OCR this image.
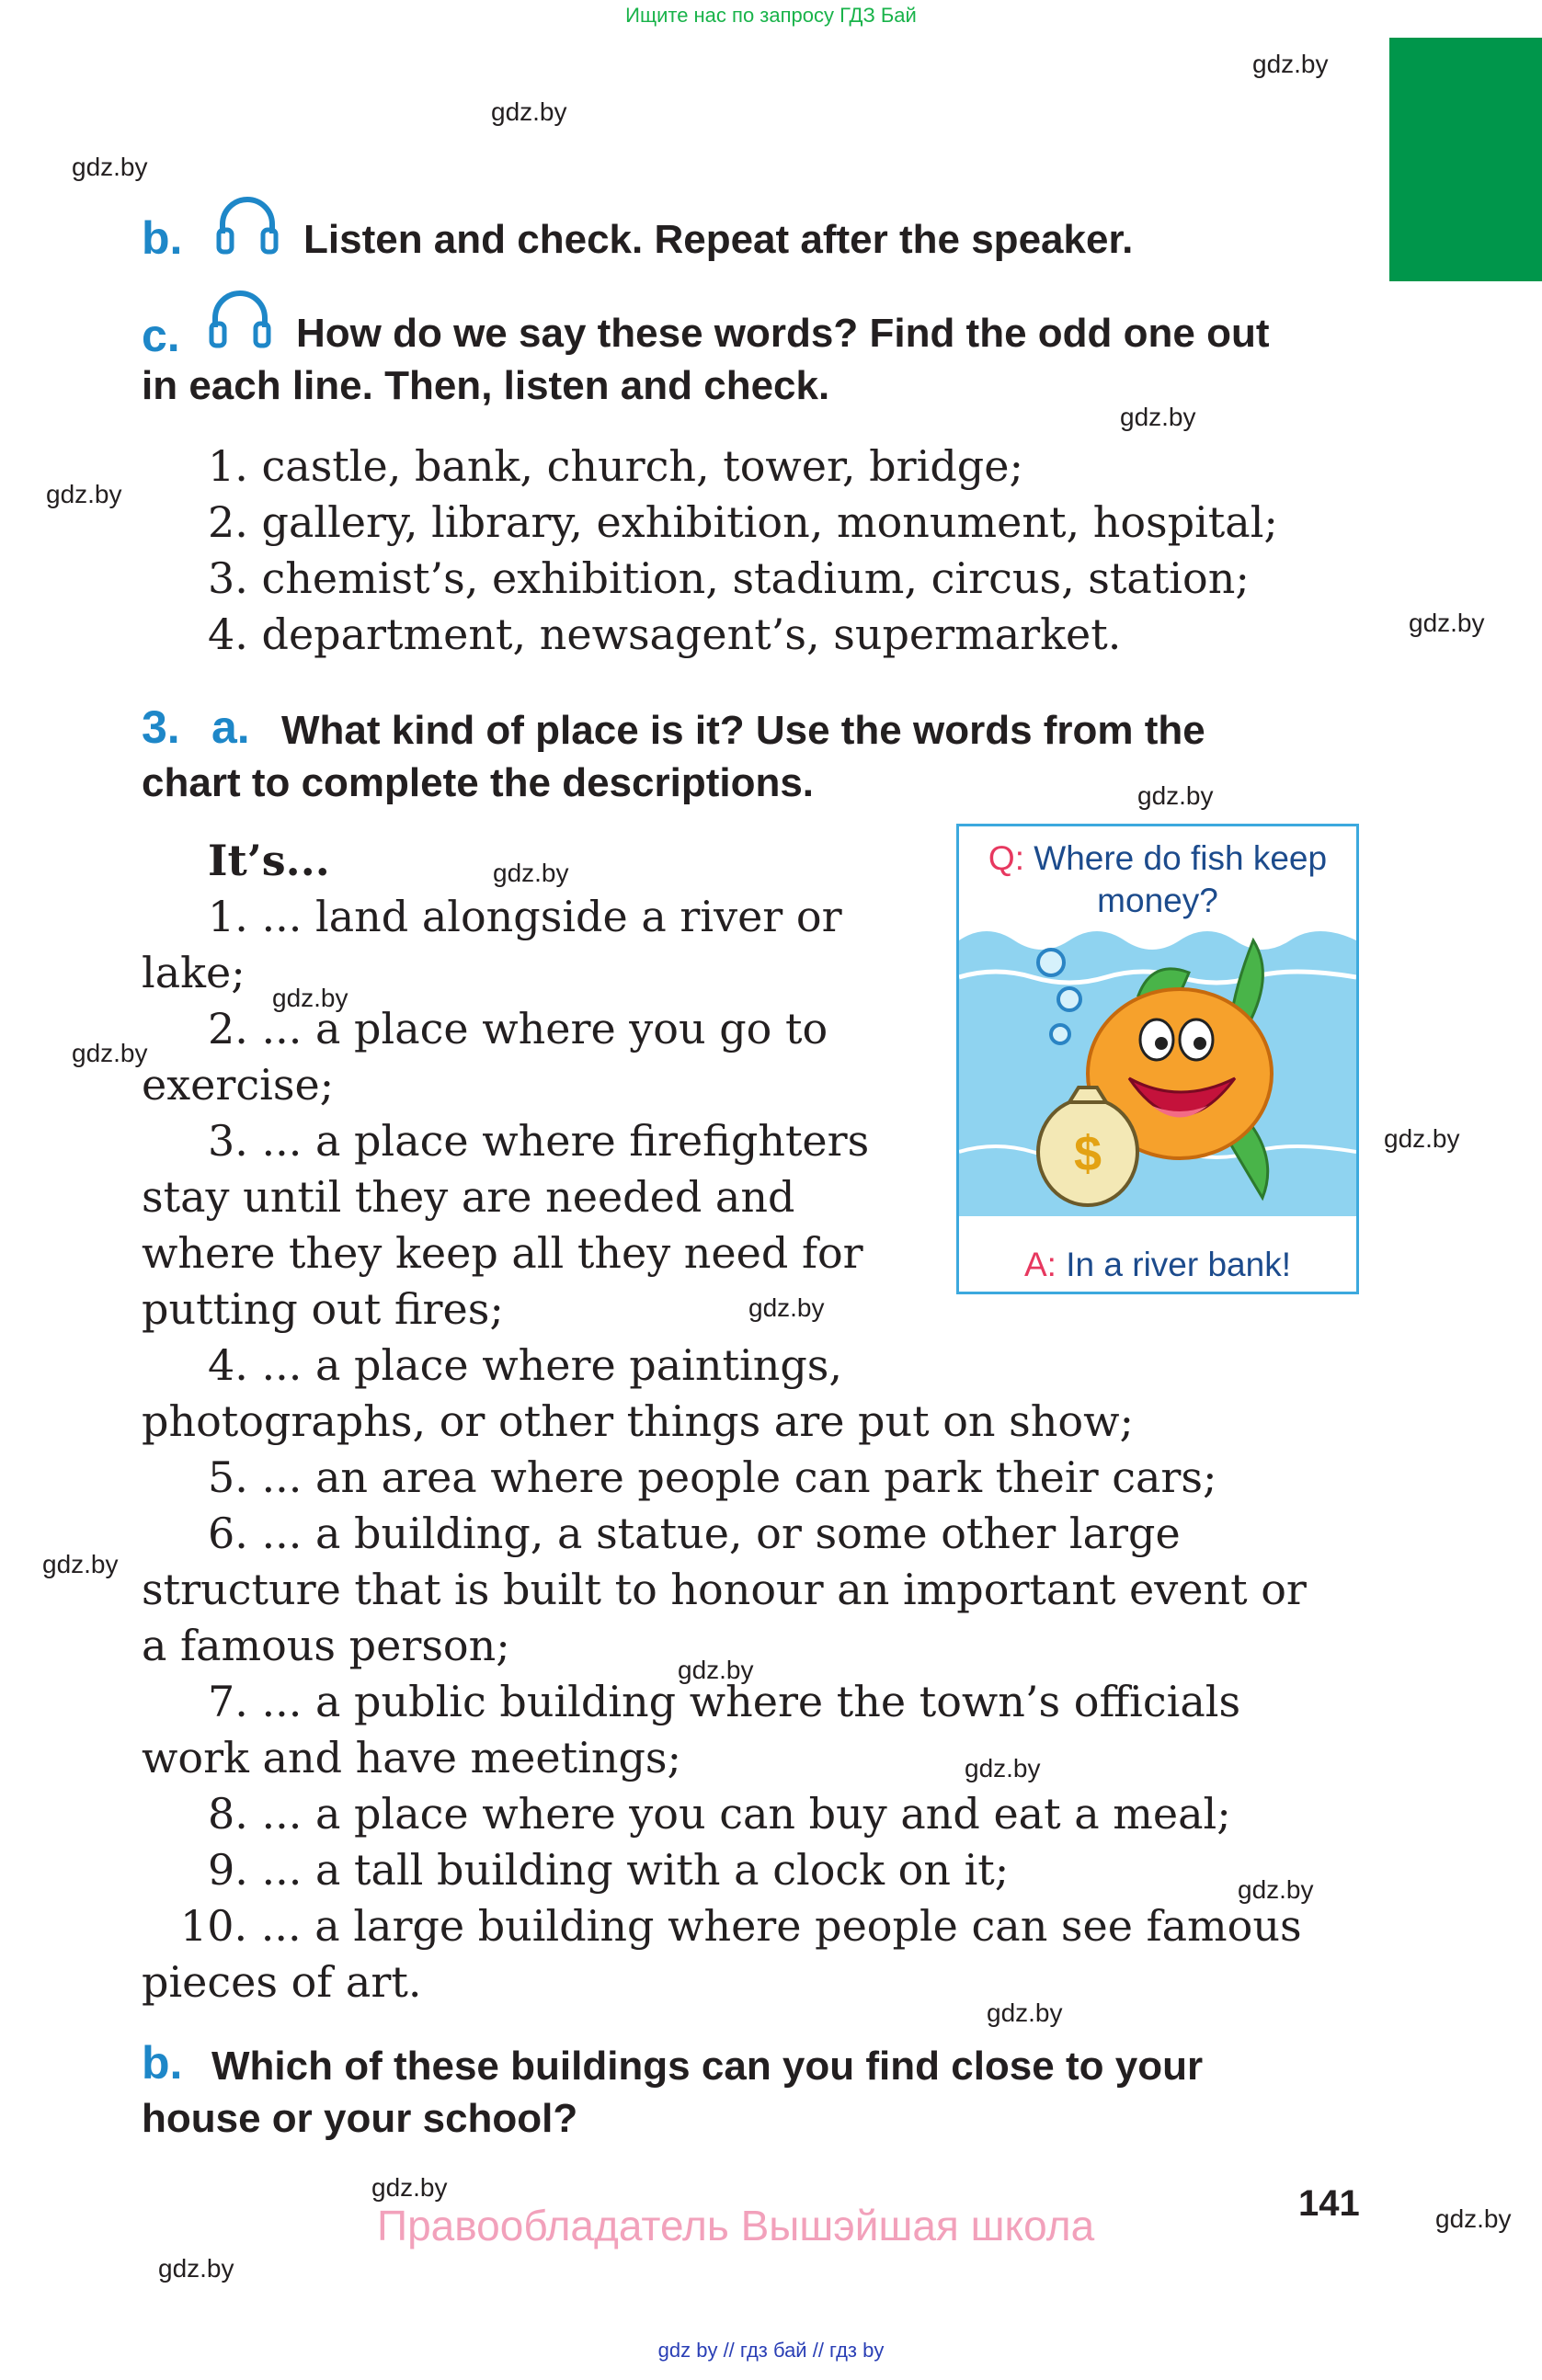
Ищите нас по запросу ГДЗ Бай
gdz.by
gdz.by
gdz.by
gdz.by
gdz.by
gdz.by
gdz.by
gdz.by
gdz.by
gdz.by
gdz.by
gdz.by
gdz.by
gdz.by
gdz.by
gdz.by
gdz.by
gdz.by
gdz.by
gdz.by
b.	Listen and check. Repeat after the speaker.
c.	How do we say these words? Find the odd one out
in each line. Then, listen and check.
1. castle, bank, church, tower, bridge;
2. gallery, library, exhibition, monument, hospital;
3. chemist’s, exhibition, stadium, circus, station;
4. department, newsagent’s, supermarket.
3. a. What kind of place is it? Use the words from the
chart to complete the descriptions.
It’s...
1. ... land alongside a river or
lake;
2. ... a place where you go to
exercise;
3. ... a place where firefighters
stay until they are needed and
where they keep all they need for
putting out fires;
4. ... a place where paintings,
photographs, or other things are put on show;
5. ... an area where people can park their cars;
6. ... a building, a statue, or some other large
structure that is built to honour an important event or
a famous person;
7. ... a public building where the town’s officials
work and have meetings;
8. ... a place where you can buy and eat a meal;
9. ... a tall building with a clock on it;
10. ... a large building where people can see famous
pieces of art.
Q: Where do fish keep money?
$
A: In a river bank!
b. Which of these buildings can you find close to your
house or your school?
141
Правообладатель Вышэйшая школа
gdz by // гдз бай // гдз by
